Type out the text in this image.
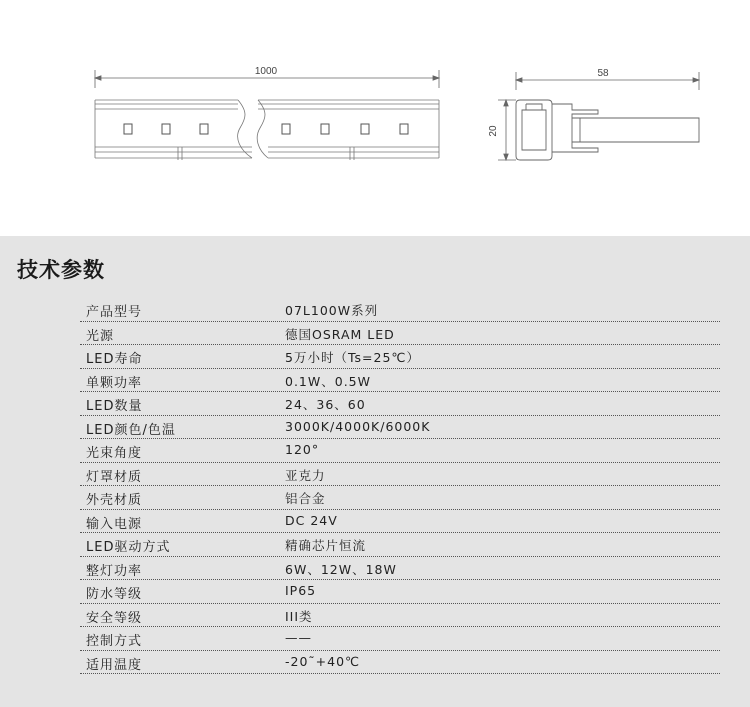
1000	58
20
技术参数
产品型号	07L100W系列
光源	德国OSRAM LED
LED寿命	5万小时（Ts=25℃）
单颗功率	0.1W、0.5W
LED数量	24、36、60
LED颜色/色温	3000K/4000K/6000K
光束角度	120°
灯罩材质	亚克力
外壳材质	铝合金
输入电源	DC 24V
LED驱动方式	精确芯片恒流
整灯功率	6W、12W、18W
防水等级	IP65
安全等级	III类
控制方式	——
适用温度	-20˜+40℃
